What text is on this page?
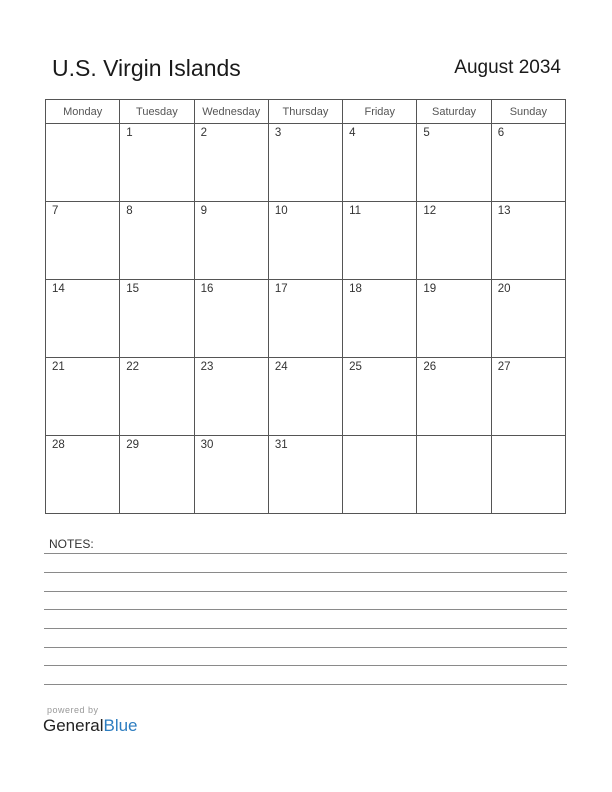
U.S. Virgin Islands	August 2034
Monday	Tuesday	Wednesday	Thursday	Friday	Saturday	Sunday

	1	2	3	4	5	6

7	8	9	10	11	12	13

14	15	16	17	18	19	20

21	22	23	24	25	26	27

28	29	30	31			

NOTES:
powered by
GeneralBlue
